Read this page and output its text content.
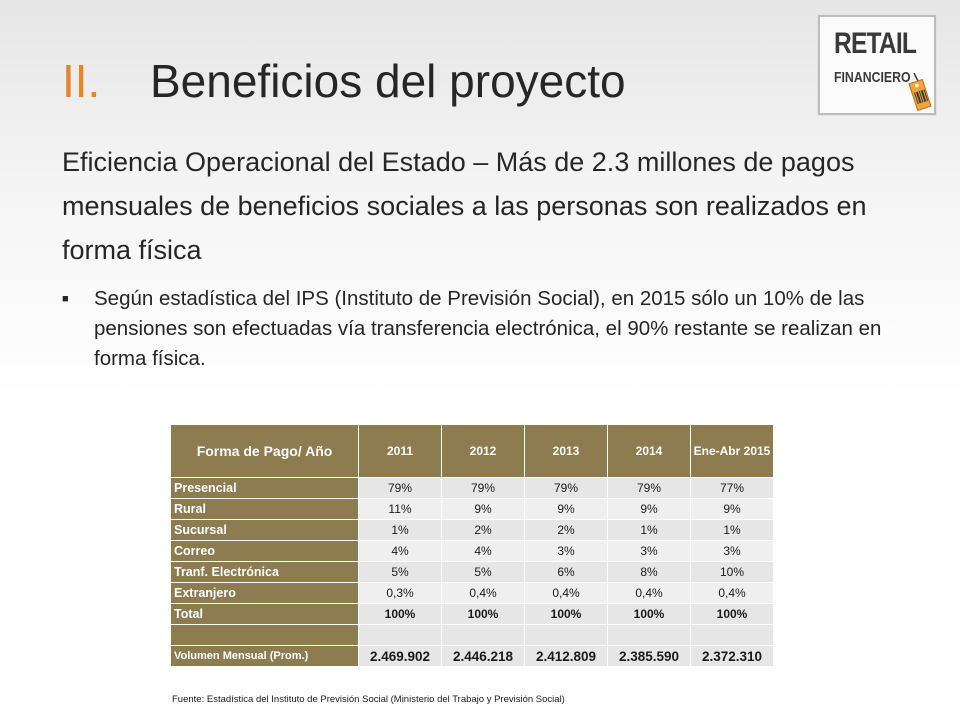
II. Beneficios del proyecto
RETAIL
FINANCIERO

Eficiencia Operacional del Estado – Más de 2.3 millones de pagos mensuales de beneficios sociales a las personas son realizados en forma física

■	Según estadística del IPS (Instituto de Previsión Social), en 2015 sólo un 10% de las pensiones son efectuadas vía transferencia electrónica, el 90% restante se realizan en forma física.
Forma de Pago/ Año	2011	2012	2013	2014	Ene-Abr 2015
Presencial	79%	79%	79%	79%	77%
Rural	11%	9%	9%	9%	9%
Sucursal	1%	2%	2%	1%	1%
Correo	4%	4%	3%	3%	3%
Tranf. Electrónica	5%	5%	6%	8%	10%
Extranjero	0,3%	0,4%	0,4%	0,4%	0,4%
Total	100%	100%	100%	100%	100%

Volumen Mensual (Prom.)	2.469.902	2.446.218	2.412.809	2.385.590	2.372.310

Fuente: Estadística del Instituto de Previsión Social (Ministerio del Trabajo y Previsión Social)
